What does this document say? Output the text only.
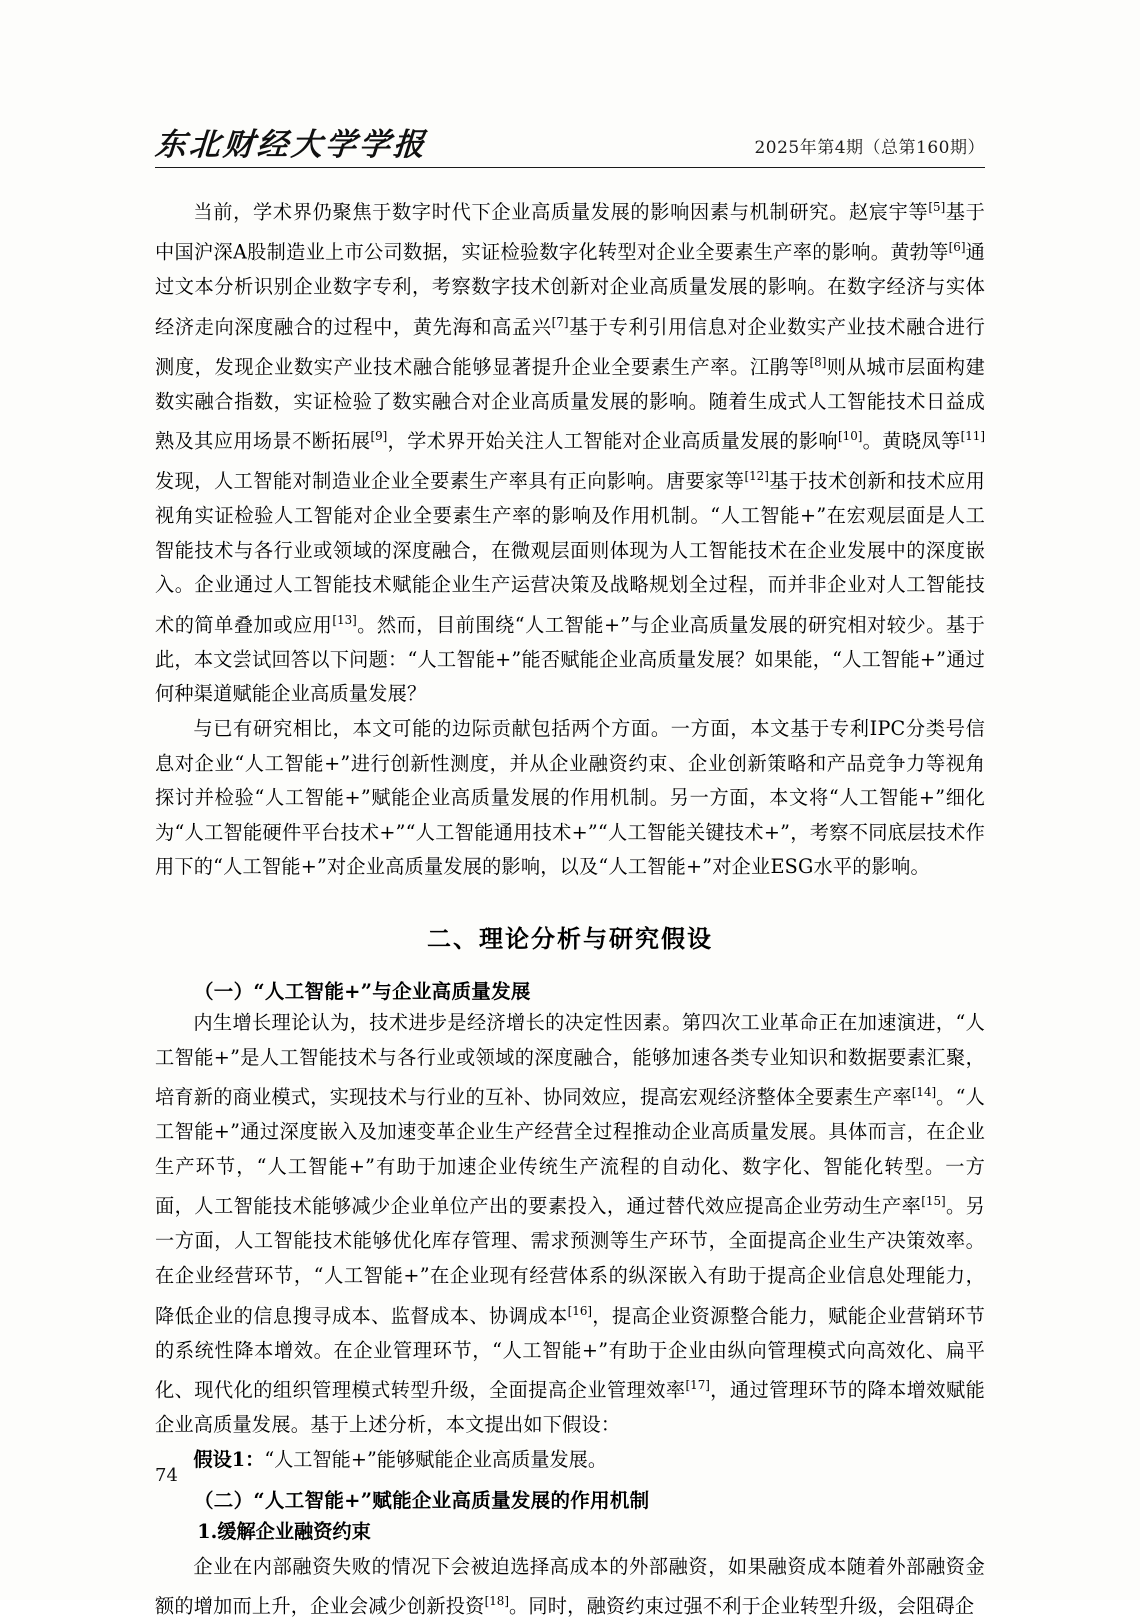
东北财经大学学报	2025年第4期（总第160期）

当前，学术界仍聚焦于数字时代下企业高质量发展的影响因素与机制研究。赵宸宇等[5]基于中国沪深A股制造业上市公司数据，实证检验数字化转型对企业全要素生产率的影响。黄勃等[6]通过文本分析识别企业数字专利，考察数字技术创新对企业高质量发展的影响。在数字经济与实体经济走向深度融合的过程中，黄先海和高孟兴[7]基于专利引用信息对企业数实产业技术融合进行测度，发现企业数实产业技术融合能够显著提升企业全要素生产率。江鹃等[8]则从城市层面构建数实融合指数，实证检验了数实融合对企业高质量发展的影响。随着生成式人工智能技术日益成熟及其应用场景不断拓展[9]，学术界开始关注人工智能对企业高质量发展的影响[10]。黄晓凤等[11]发现，人工智能对制造业企业全要素生产率具有正向影响。唐要家等[12]基于技术创新和技术应用视角实证检验人工智能对企业全要素生产率的影响及作用机制。“人工智能+”在宏观层面是人工智能技术与各行业或领域的深度融合，在微观层面则体现为人工智能技术在企业发展中的深度嵌入。企业通过人工智能技术赋能企业生产运营决策及战略规划全过程，而并非企业对人工智能技术的简单叠加或应用[13]。然而，目前围绕“人工智能+”与企业高质量发展的研究相对较少。基于此，本文尝试回答以下问题：“人工智能+”能否赋能企业高质量发展？如果能，“人工智能+”通过何种渠道赋能企业高质量发展？

与已有研究相比，本文可能的边际贡献包括两个方面。一方面，本文基于专利IPC分类号信息对企业“人工智能+”进行创新性测度，并从企业融资约束、企业创新策略和产品竞争力等视角探讨并检验“人工智能+”赋能企业高质量发展的作用机制。另一方面，本文将“人工智能+”细化为“人工智能硬件平台技术+”“人工智能通用技术+”“人工智能关键技术+”，考察不同底层技术作用下的“人工智能+”对企业高质量发展的影响，以及“人工智能+”对企业ESG水平的影响。

二、理论分析与研究假设
（一）“人工智能+”与企业高质量发展

内生增长理论认为，技术进步是经济增长的决定性因素。第四次工业革命正在加速演进，“人工智能+”是人工智能技术与各行业或领域的深度融合，能够加速各类专业知识和数据要素汇聚，培育新的商业模式，实现技术与行业的互补、协同效应，提高宏观经济整体全要素生产率[14]。“人工智能+”通过深度嵌入及加速变革企业生产经营全过程推动企业高质量发展。具体而言，在企业生产环节，“人工智能+”有助于加速企业传统生产流程的自动化、数字化、智能化转型。一方面，人工智能技术能够减少企业单位产出的要素投入，通过替代效应提高企业劳动生产率[15]。另一方面，人工智能技术能够优化库存管理、需求预测等生产环节，全面提高企业生产决策效率。在企业经营环节，“人工智能+”在企业现有经营体系的纵深嵌入有助于提高企业信息处理能力，降低企业的信息搜寻成本、监督成本、协调成本[16]，提高企业资源整合能力，赋能企业营销环节的系统性降本增效。在企业管理环节，“人工智能+”有助于企业由纵向管理模式向高效化、扁平化、现代化的组织管理模式转型升级，全面提高企业管理效率[17]，通过管理环节的降本增效赋能企业高质量发展。基于上述分析，本文提出如下假设：

假设1：“人工智能+”能够赋能企业高质量发展。

（二）“人工智能+”赋能企业高质量发展的作用机制

1.缓解企业融资约束

企业在内部融资失败的情况下会被迫选择高成本的外部融资，如果融资成本随着外部融资金额的增加而上升，企业会减少创新投资[18]。同时，融资约束过强不利于企业转型升级，会阻碍企

74
